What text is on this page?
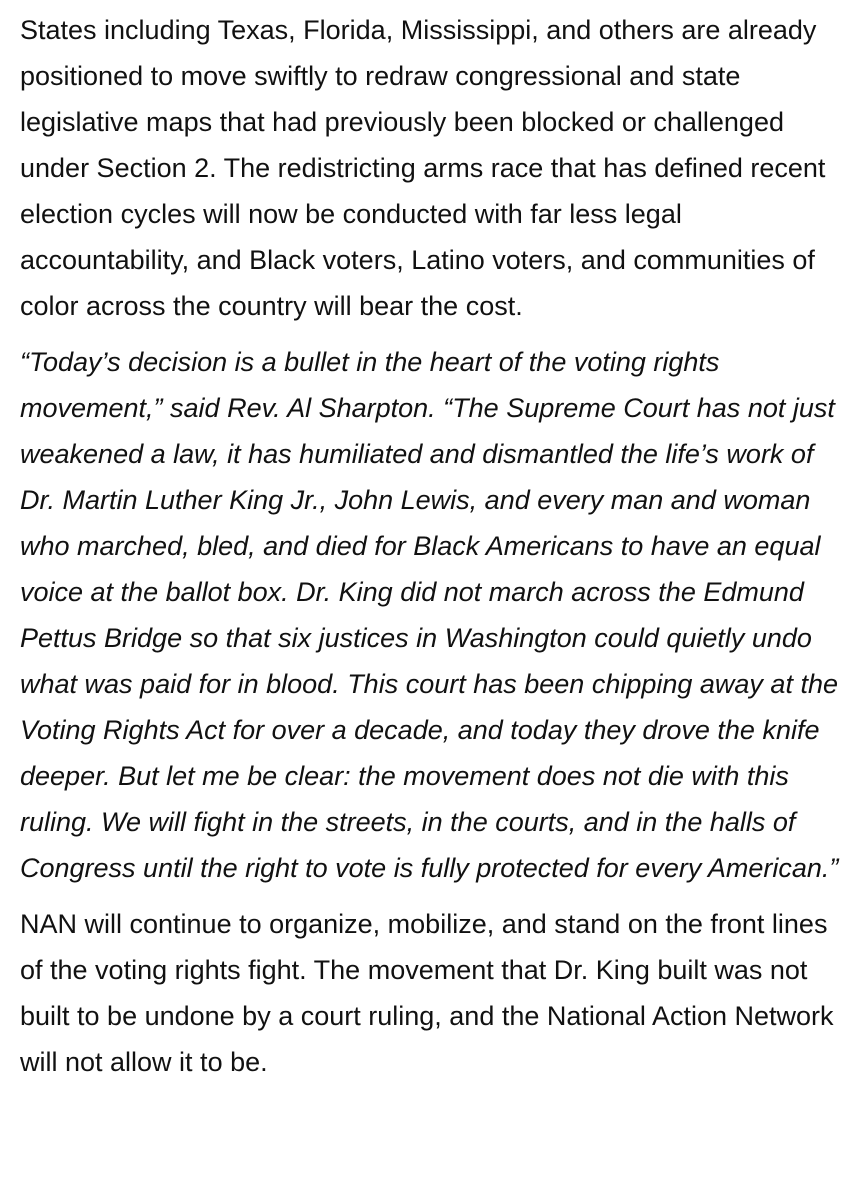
States including Texas, Florida, Mississippi, and others are already positioned to move swiftly to redraw congressional and state legislative maps that had previously been blocked or challenged under Section 2. The redistricting arms race that has defined recent election cycles will now be conducted with far less legal accountability, and Black voters, Latino voters, and communities of color across the country will bear the cost.

“Today’s decision is a bullet in the heart of the voting rights movement,” said Rev. Al Sharpton. “The Supreme Court has not just weakened a law, it has humiliated and dismantled the life’s work of Dr. Martin Luther King Jr., John Lewis, and every man and woman who marched, bled, and died for Black Americans to have an equal voice at the ballot box. Dr. King did not march across the Edmund Pettus Bridge so that six justices in Washington could quietly undo what was paid for in blood. This court has been chipping away at the Voting Rights Act for over a decade, and today they drove the knife deeper. But let me be clear: the movement does not die with this ruling. We will fight in the streets, in the courts, and in the halls of Congress until the right to vote is fully protected for every American.”

NAN will continue to organize, mobilize, and stand on the front lines of the voting rights fight. The movement that Dr. King built was not built to be undone by a court ruling, and the National Action Network will not allow it to be.
